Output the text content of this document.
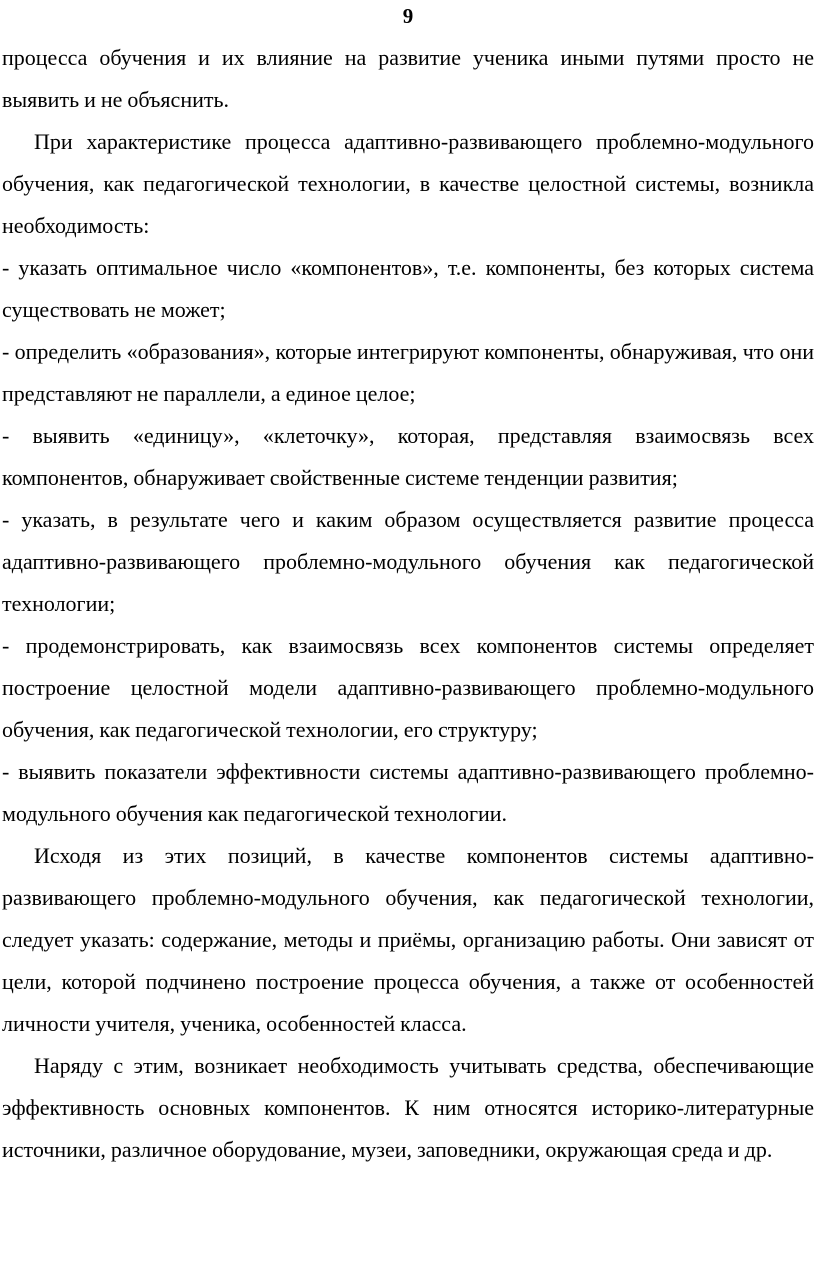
9

процесса обучения и их влияние на развитие ученика иными путями просто не выявить и не объяснить.

При характеристике процесса адаптивно-развивающего проблемно-модульного обучения, как педагогической технологии, в качестве целостной системы, возникла необходимость:

- указать оптимальное число «компонентов», т.е. компоненты, без которых система существовать не может;

- определить «образования», которые интегрируют компоненты, обнаруживая, что они представляют не параллели, а единое целое;

- выявить «единицу», «клеточку», которая, представляя взаимосвязь всех компонентов, обнаруживает свойственные системе тенденции развития;

- указать, в результате чего и каким образом осуществляется развитие процесса адаптивно-развивающего проблемно-модульного обучения как педагогической технологии;

- продемонстрировать, как взаимосвязь всех компонентов системы определяет построение целостной модели адаптивно-развивающего проблемно-модульного обучения, как педагогической технологии, его структуру;

- выявить показатели эффективности системы адаптивно-развивающего проблемно-модульного обучения как педагогической технологии.

Исходя из этих позиций, в качестве компонентов системы адаптивно-развивающего проблемно-модульного обучения, как педагогической технологии, следует указать: содержание, методы и приёмы, организацию работы. Они зависят от цели, которой подчинено построение процесса обучения, а также от особенностей личности учителя, ученика, особенностей класса.

Наряду с этим, возникает необходимость учитывать средства, обеспечивающие эффективность основных компонентов. К ним относятся историко-литературные источники, различное оборудование, музеи, заповедники, окружающая среда и др.
